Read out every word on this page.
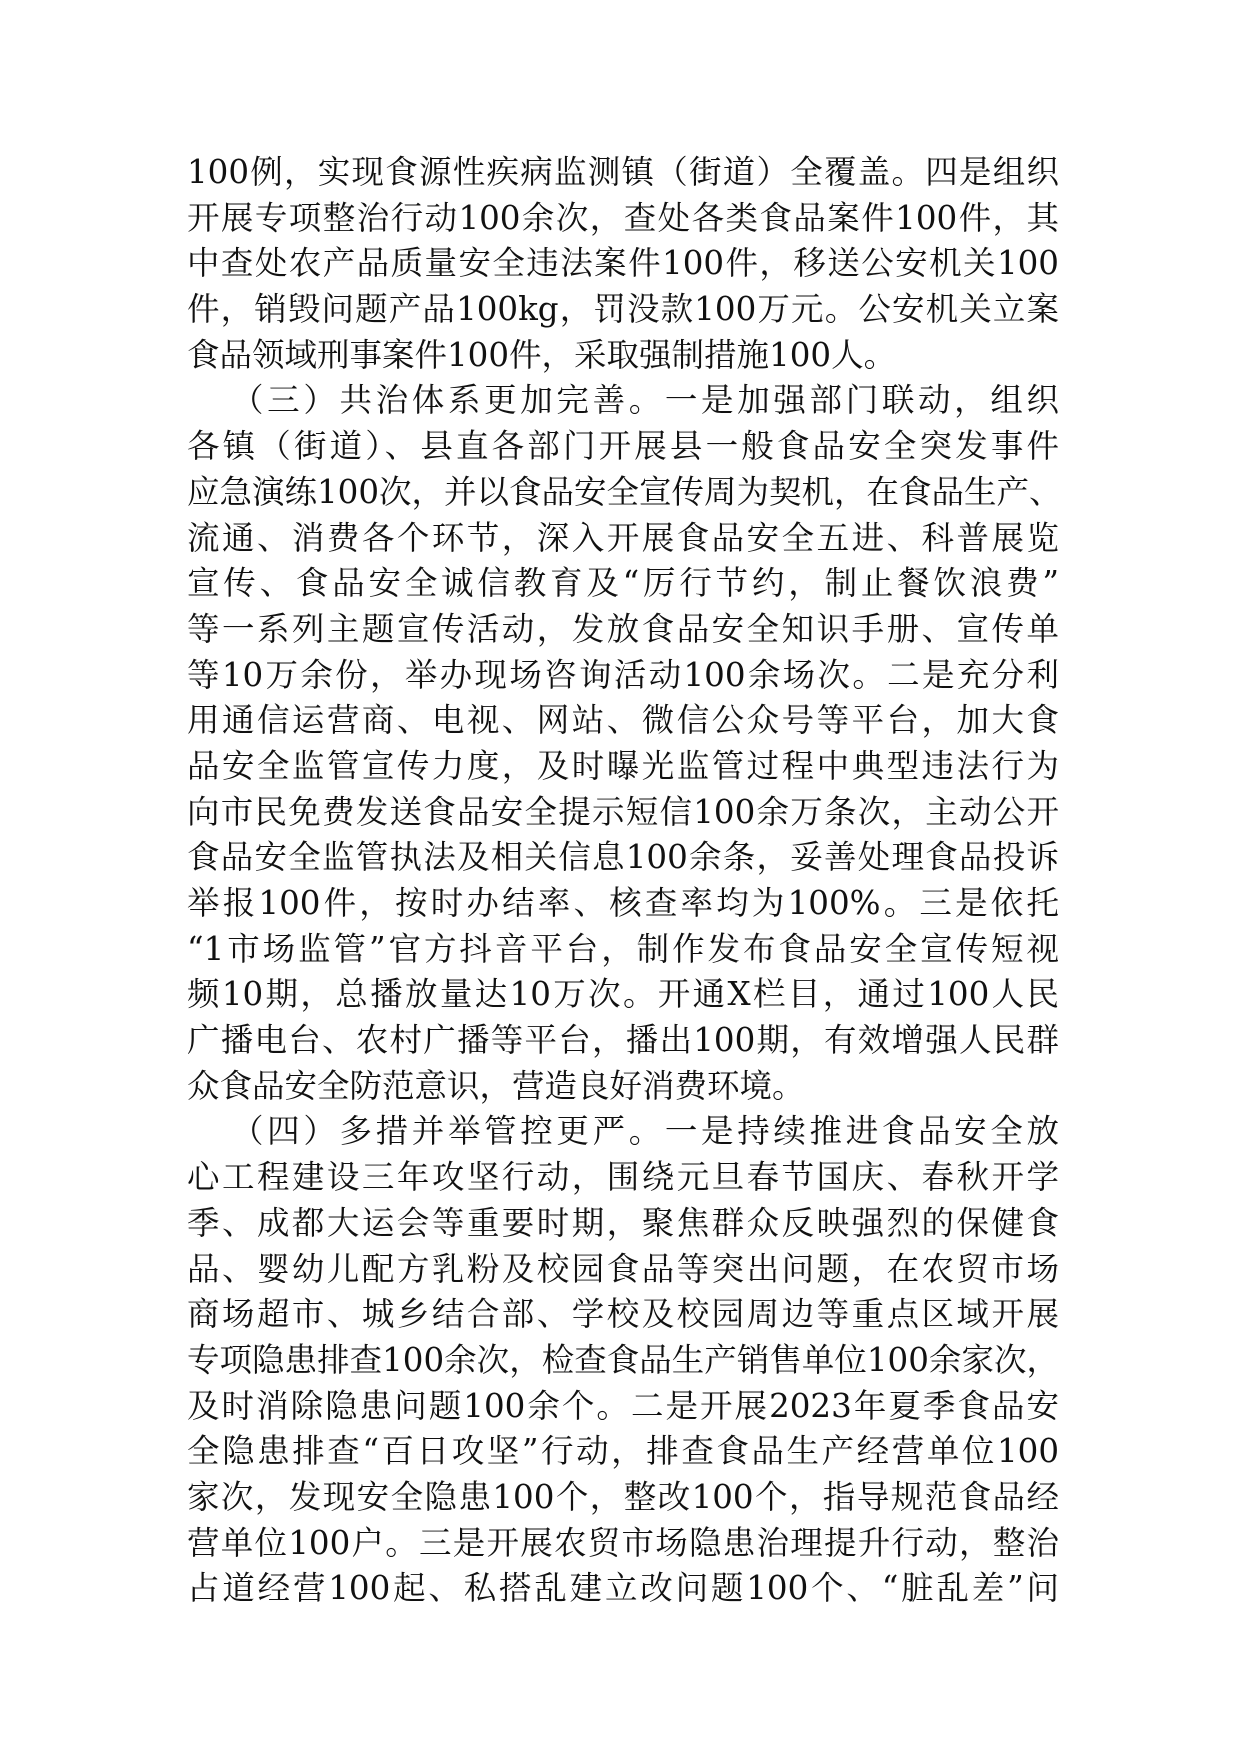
100例，实现食源性疾病监测镇（街道）全覆盖。四是组织
开展专项整治行动100余次，查处各类食品案件100件，其
中查处农产品质量安全违法案件100件，移送公安机关100
件，销毁问题产品100kg，罚没款100万元。公安机关立案
食品领域刑事案件100件，采取强制措施100人。
（三）共治体系更加完善。一是加强部门联动，组织
各镇（街道）、县直各部门开展县一般食品安全突发事件
应急演练100次，并以食品安全宣传周为契机，在食品生产、
流通、消费各个环节，深入开展食品安全五进、科普展览
宣传、食品安全诚信教育及“厉行节约，制止餐饮浪费”
等一系列主题宣传活动，发放食品安全知识手册、宣传单
等10万余份，举办现场咨询活动100余场次。二是充分利
用通信运营商、电视、网站、微信公众号等平台，加大食
品安全监管宣传力度，及时曝光监管过程中典型违法行为
向市民免费发送食品安全提示短信100余万条次，主动公开
食品安全监管执法及相关信息100余条，妥善处理食品投诉
举报100件，按时办结率、核查率均为100%。三是依托
“1市场监管”官方抖音平台，制作发布食品安全宣传短视
频10期，总播放量达10万次。开通X栏目，通过100人民
广播电台、农村广播等平台，播出100期，有效增强人民群
众食品安全防范意识，营造良好消费环境。
（四）多措并举管控更严。一是持续推进食品安全放
心工程建设三年攻坚行动，围绕元旦春节国庆、春秋开学
季、成都大运会等重要时期，聚焦群众反映强烈的保健食
品、婴幼儿配方乳粉及校园食品等突出问题，在农贸市场
商场超市、城乡结合部、学校及校园周边等重点区域开展
专项隐患排查100余次，检查食品生产销售单位100余家次，
及时消除隐患问题100余个。二是开展2023年夏季食品安
全隐患排查“百日攻坚”行动，排查食品生产经营单位100
家次，发现安全隐患100个，整改100个，指导规范食品经
营单位100户。三是开展农贸市场隐患治理提升行动，整治
占道经营100起、私搭乱建立改问题100个、“脏乱差”问
